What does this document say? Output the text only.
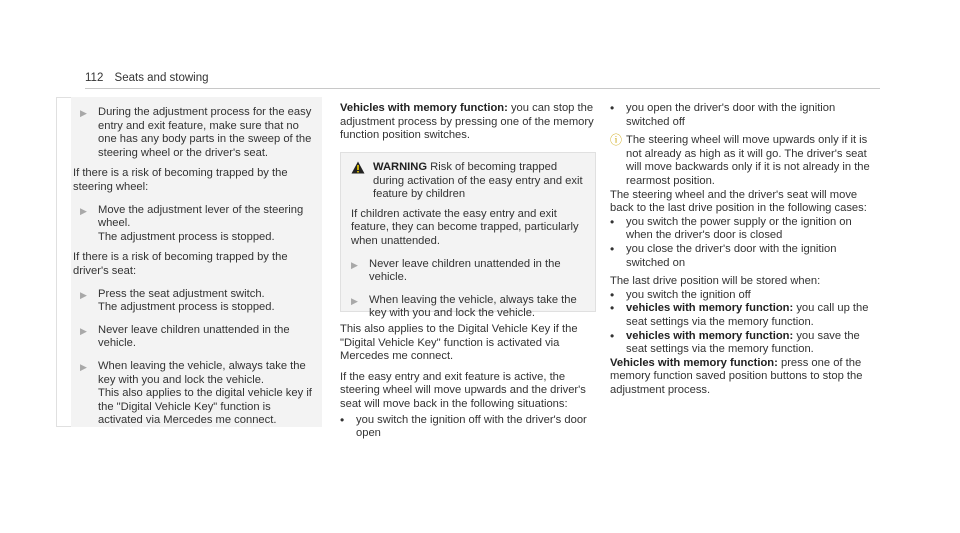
112 Seats and stowing
▶ During the adjustment process for the easy entry and exit feature, make sure that no one has any body parts in the sweep of the steering wheel or the driver's seat.

If there is a risk of becoming trapped by the steering wheel:

▶ Move the adjustment lever of the steering wheel.

The adjustment process is stopped.

If there is a risk of becoming trapped by the driver's seat:

▶ Press the seat adjustment switch.

The adjustment process is stopped.

▶ Never leave children unattended in the vehicle.

▶ When leaving the vehicle, always take the key with you and lock the vehicle.

This also applies to the digital vehicle key if the "Digital Vehicle Key" function is activated via Mercedes me connect.

Vehicles with memory function: you can stop the adjustment process by pressing one of the memory function position switches.

WARNING Risk of becoming trapped during activation of the easy entry and exit feature by children

If children activate the easy entry and exit feature, they can become trapped, particularly when unattended.

▶ Never leave children unattended in the vehicle.

▶ When leaving the vehicle, always take the key with you and lock the vehicle.

This also applies to the Digital Vehicle Key if the "Digital Vehicle Key" function is activated via Mercedes me connect.

If the easy entry and exit feature is active, the steering wheel will move upwards and the driver's seat will move back in the following situations:

•	you switch the ignition off with the driver's door open

•	you open the driver's door with the ignition switched off

ⓘ The steering wheel will move upwards only if it is not already as high as it will go. The driver's seat will move backwards only if it is not already in the rearmost position.

The steering wheel and the driver's seat will move back to the last drive position in the following cases:

•	you switch the power supply or the ignition on when the driver's door is closed

•	you close the driver's door with the ignition switched on

The last drive position will be stored when:

•	you switch the ignition off

•	vehicles with memory function: you call up the seat settings via the memory function.

•	vehicles with memory function: you save the seat settings via the memory function.

Vehicles with memory function: press one of the memory function saved position buttons to stop the adjustment process.
